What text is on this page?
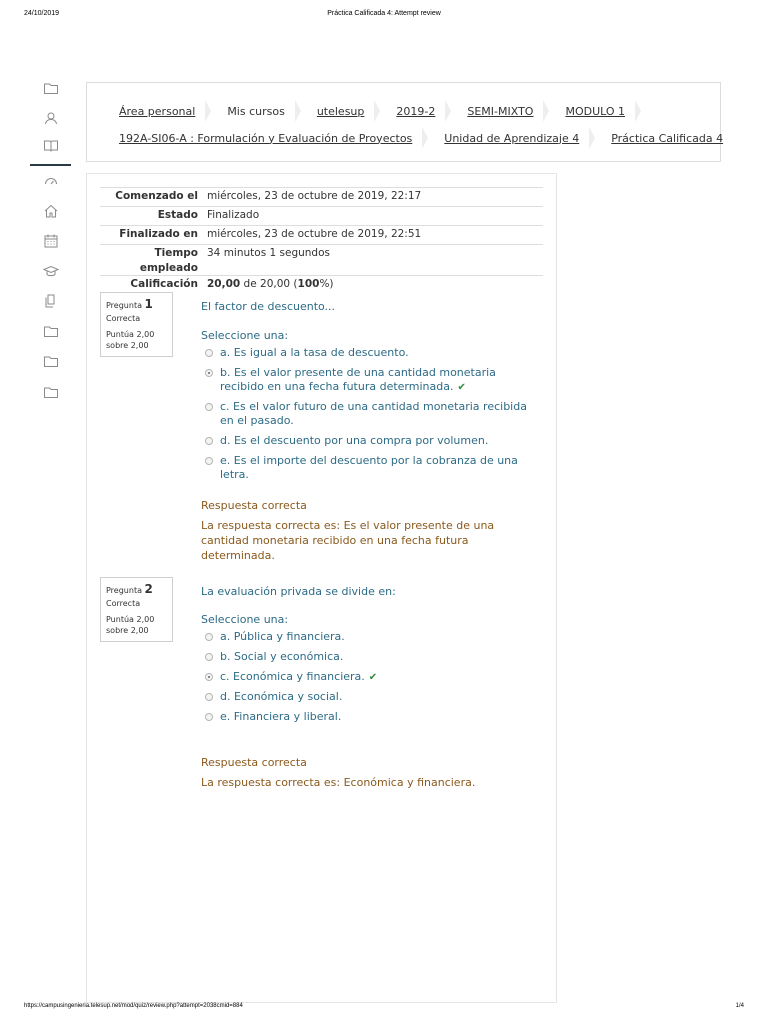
24/10/2019	Práctica Calificada 4: Attempt review
Área personal	Mis cursos	utelesup	2019-2	SEMI-MIXTO	MODULO 1
192A-SI06-A : Formulación y Evaluación de Proyectos	Unidad de Aprendizaje 4	Práctica Calificada 4
Comenzado el miércoles, 23 de octubre de 2019, 22:17
Estado Finalizado
Finalizado en miércoles, 23 de octubre de 2019, 22:51
Tiempo empleado
34 minutos 1 segundos
Calificación 20,00 de 20,00 (100%)
Pregunta 1
Correcta
Puntúa 2,00 sobre 2,00
El factor de descuento...
Seleccione una:
a. Es igual a la tasa de descuento.
b. Es el valor presente de una cantidad monetaria recibido en una fecha futura determinada. ✔
c. Es el valor futuro de una cantidad monetaria recibida en el pasado.
d. Es el descuento por una compra por volumen.
e. Es el importe del descuento por la cobranza de una letra.
Respuesta correcta
La respuesta correcta es: Es el valor presente de una cantidad monetaria recibido en una fecha futura determinada.
Pregunta 2
Correcta
Puntúa 2,00 sobre 2,00
La evaluación privada se divide en:
Seleccione una:
a. Pública y financiera.
b. Social y económica.
c. Económica y financiera. ✔
d. Económica y social.
e. Financiera y liberal.
Respuesta correcta
La respuesta correcta es: Económica y financiera.
https://campusingenieria.telesup.net/mod/quiz/review.php?attempt=2038cmid=884	1/4
